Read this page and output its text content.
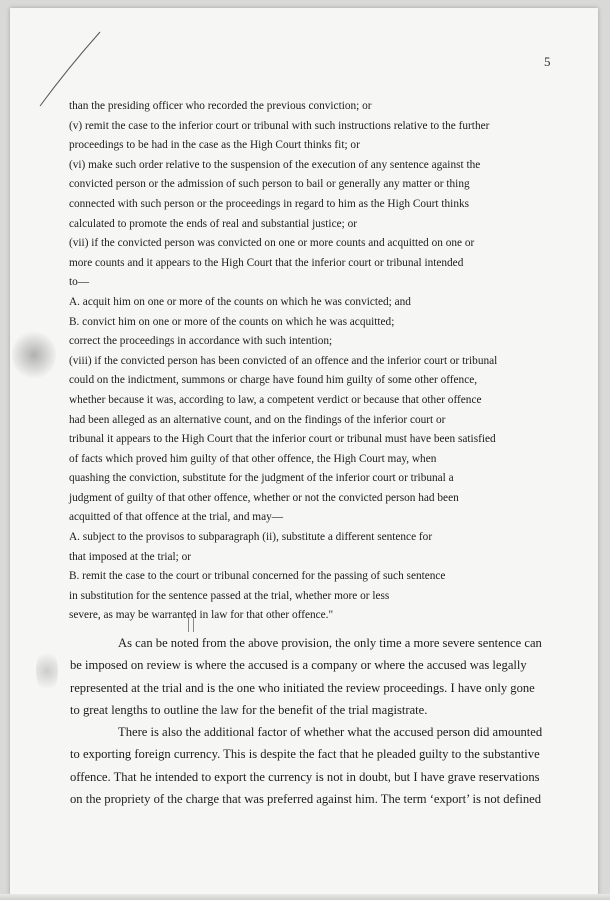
5
than the presiding officer who recorded the previous conviction; or
(v) remit the case to the inferior court or tribunal with such instructions relative to the further
proceedings to be had in the case as the High Court thinks fit; or
(vi) make such order relative to the suspension of the execution of any sentence against the
convicted person or the admission of such person to bail or generally any matter or thing
connected with such person or the proceedings in regard to him as the High Court thinks
calculated to promote the ends of real and substantial justice; or
(vii) if the convicted person was convicted on one or more counts and acquitted on one or
more counts and it appears to the High Court that the inferior court or tribunal intended
to—
A. acquit him on one or more of the counts on which he was convicted; and
B. convict him on one or more of the counts on which he was acquitted;
correct the proceedings in accordance with such intention;
(viii) if the convicted person has been convicted of an offence and the inferior court or tribunal
could on the indictment, summons or charge have found him guilty of some other offence,
whether because it was, according to law, a competent verdict or because that other offence
had been alleged as an alternative count, and on the findings of the inferior court or
tribunal it appears to the High Court that the inferior court or tribunal must have been satisfied
of facts which proved him guilty of that other offence, the High Court may, when
quashing the conviction, substitute for the judgment of the inferior court or tribunal a
judgment of guilty of that other offence, whether or not the convicted person had been
acquitted of that offence at the trial, and may—
A. subject to the provisos to subparagraph (ii), substitute a different sentence for
that imposed at the trial; or
B. remit the case to the court or tribunal concerned for the passing of such sentence
in substitution for the sentence passed at the trial, whether more or less
severe, as may be warranted in law for that other offence."
As can be noted from the above provision, the only time a more severe sentence can
be imposed on review is where the accused is a company or where the accused was legally
represented at the trial and is the one who initiated the review proceedings. I have only gone
to great lengths to outline the law for the benefit of the trial magistrate.
There is also the additional factor of whether what the accused person did amounted
to exporting foreign currency. This is despite the fact that he pleaded guilty to the substantive
offence. That he intended to export the currency is not in doubt, but I have grave reservations
on the propriety of the charge that was preferred against him. The term ‘export’ is not defined
